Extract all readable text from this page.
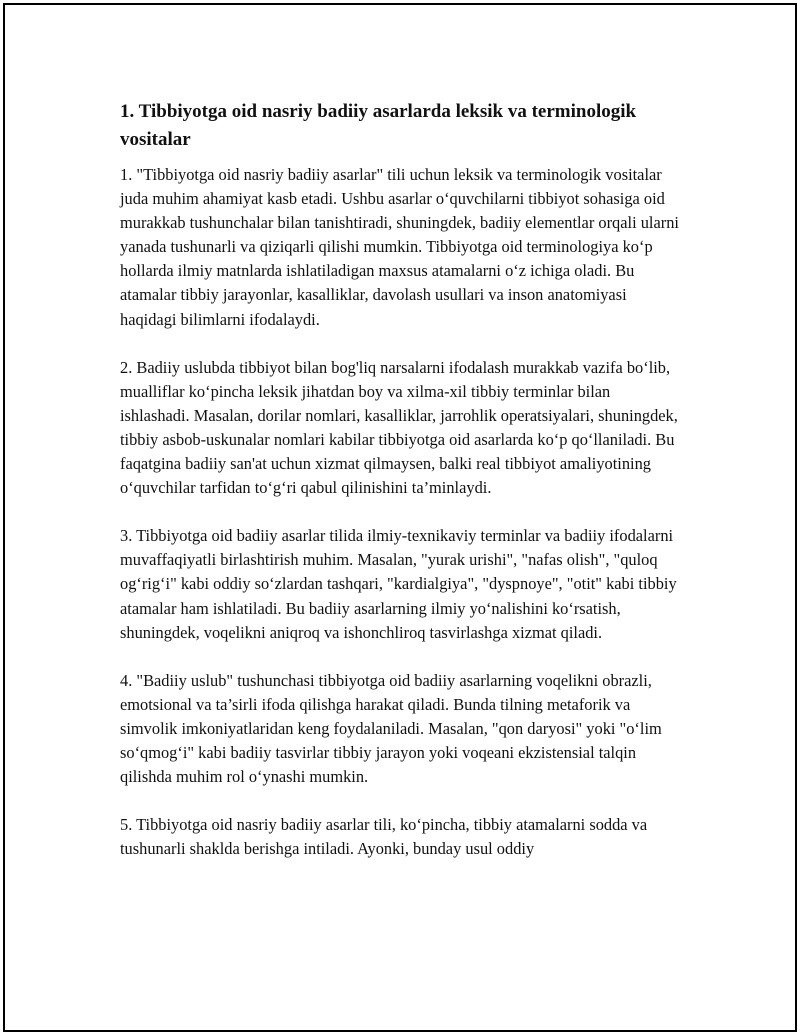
1. Tibbiyotga oid nasriy badiiy asarlarda leksik va terminologik vositalar

1. "Tibbiyotga oid nasriy badiiy asarlar" tili uchun leksik va terminologik vositalar juda muhim ahamiyat kasb etadi. Ushbu asarlar o‘quvchilarni tibbiyot sohasiga oid murakkab tushunchalar bilan tanishtiradi, shuningdek, badiiy elementlar orqali ularni yanada tushunarli va qiziqarli qilishi mumkin. Tibbiyotga oid terminologiya ko‘p hollarda ilmiy matnlarda ishlatiladigan maxsus atamalarni o‘z ichiga oladi. Bu atamalar tibbiy jarayonlar, kasalliklar, davolash usullari va inson anatomiyasi haqidagi bilimlarni ifodalaydi.

2. Badiiy uslubda tibbiyot bilan bog'liq narsalarni ifodalash murakkab vazifa bo‘lib, mualliflar ko‘pincha leksik jihatdan boy va xilma-xil tibbiy terminlar bilan ishlashadi. Masalan, dorilar nomlari, kasalliklar, jarrohlik operatsiyalari, shuningdek, tibbiy asbob-uskunalar nomlari kabilar tibbiyotga oid asarlarda ko‘p qo‘llaniladi. Bu faqatgina badiiy san'at uchun xizmat qilmaysen, balki real tibbiyot amaliyotining o‘quvchilar tarfidan to‘g‘ri qabul qilinishini ta’minlaydi.

3. Tibbiyotga oid badiiy asarlar tilida ilmiy-texnikaviy terminlar va badiiy ifodalarni muvaffaqiyatli birlashtirish muhim. Masalan, "yurak urishi", "nafas olish", "quloq og‘rig‘i" kabi oddiy so‘zlardan tashqari, "kardialgiya", "dyspnoye", "otit" kabi tibbiy atamalar ham ishlatiladi. Bu badiiy asarlarning ilmiy yo‘nalishini ko‘rsatish, shuningdek, voqelikni aniqroq va ishonchliroq tasvirlashga xizmat qiladi.

4. "Badiiy uslub" tushunchasi tibbiyotga oid badiiy asarlarning voqelikni obrazli, emotsional va ta’sirli ifoda qilishga harakat qiladi. Bunda tilning metaforik va simvolik imkoniyatlaridan keng foydalaniladi. Masalan, "qon daryosi" yoki "o‘lim so‘qmog‘i" kabi badiiy tasvirlar tibbiy jarayon yoki voqeani ekzistensial talqin qilishda muhim rol o‘ynashi mumkin.

5. Tibbiyotga oid nasriy badiiy asarlar tili, ko‘pincha, tibbiy atamalarni sodda va tushunarli shaklda berishga intiladi. Ayonki, bunday usul oddiy
